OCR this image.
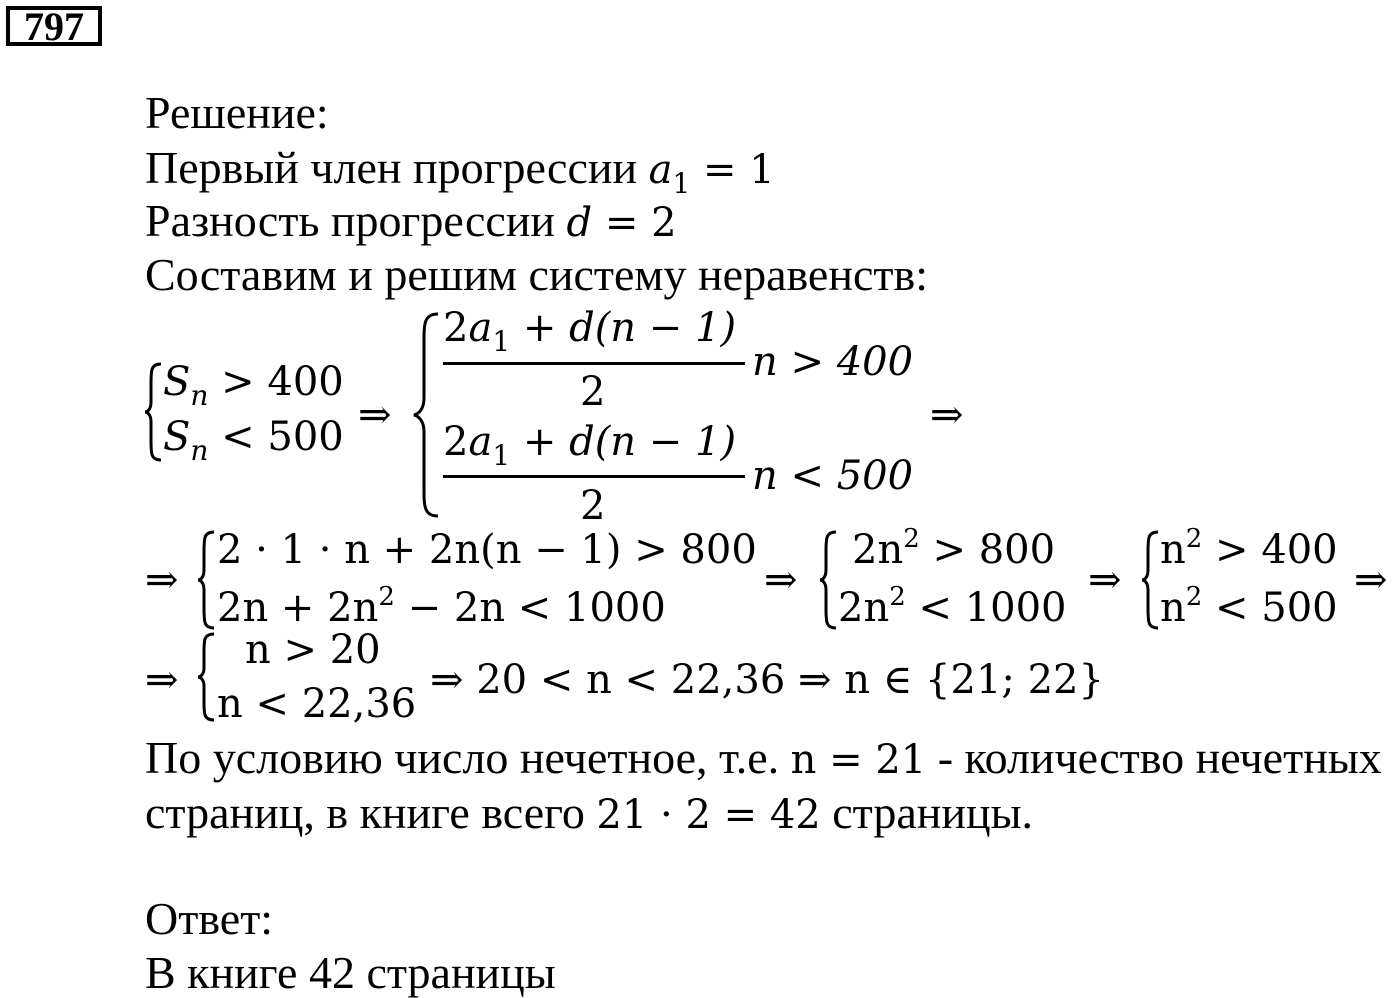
797
Решение:
Первый член прогрессии $a_1 = 1$
Разность прогрессии d = 2
Составим и решим систему неравенств:
$S_n > 400$
$S_n < 500$ ⇒
$2a_1 + d(n - 1)$
2
n > 400
$2a_1 + d(n - 1)$
2
n < 500
⇒
⇒
2 · 1 · n + 2n(n − 1) > 800
$2n + 2n^2 - 2n < 1000$
⇒
$2n^2 > 800$
$2n^2 < 1000$
⇒
$n^2 > 400$
$n^2 < 500$
⇒
⇒
n > 20
n < 22,36
⇒ 20 < n < 22,36 ⇒ n ∈ {21; 22}
По условию число нечетное, т.е. n = 21 - количество нечетных
страниц, в книге всего 21 · 2 = 42 страницы.
Ответ:
В книге 42 страницы
